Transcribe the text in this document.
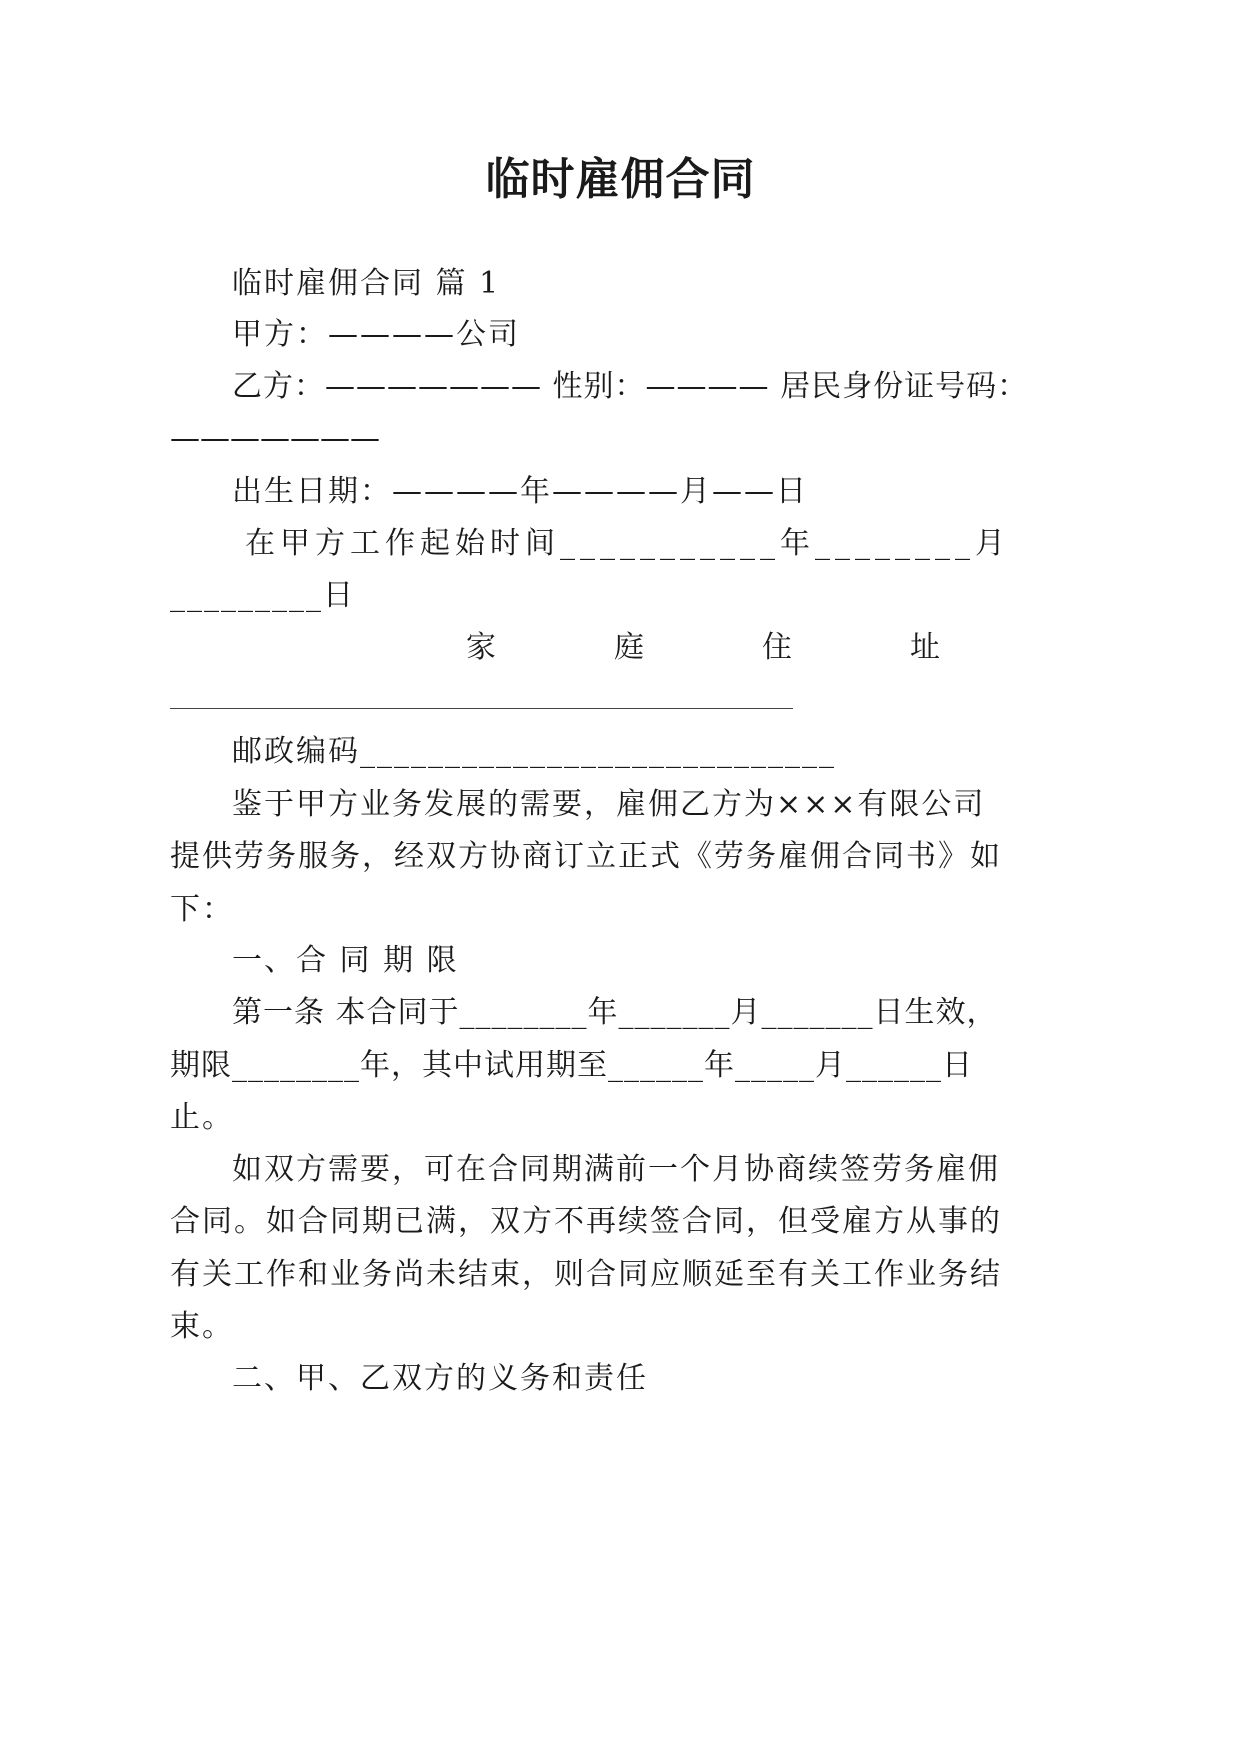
临时雇佣合同
临时雇佣合同 篇 1
甲方：————公司
乙方：——————— 性别：———— 居民身份证号码：
———————
出生日期：————年————月——日
在甲方工作起始时间___________年________月
_________日
家	庭	住	址
邮政编码____________________________
鉴于甲方业务发展的需要，雇佣乙方为×××有限公司
提供劳务服务，经双方协商订立正式《劳务雇佣合同书》如
下：
一、合 同 期 限
第一条 本合同于________年_______月_______日生效，
期限________年，其中试用期至______年_____月______日
止。
如双方需要，可在合同期满前一个月协商续签劳务雇佣
合同。如合同期已满，双方不再续签合同，但受雇方从事的
有关工作和业务尚未结束，则合同应顺延至有关工作业务结
束。
二、甲、乙双方的义务和责任
